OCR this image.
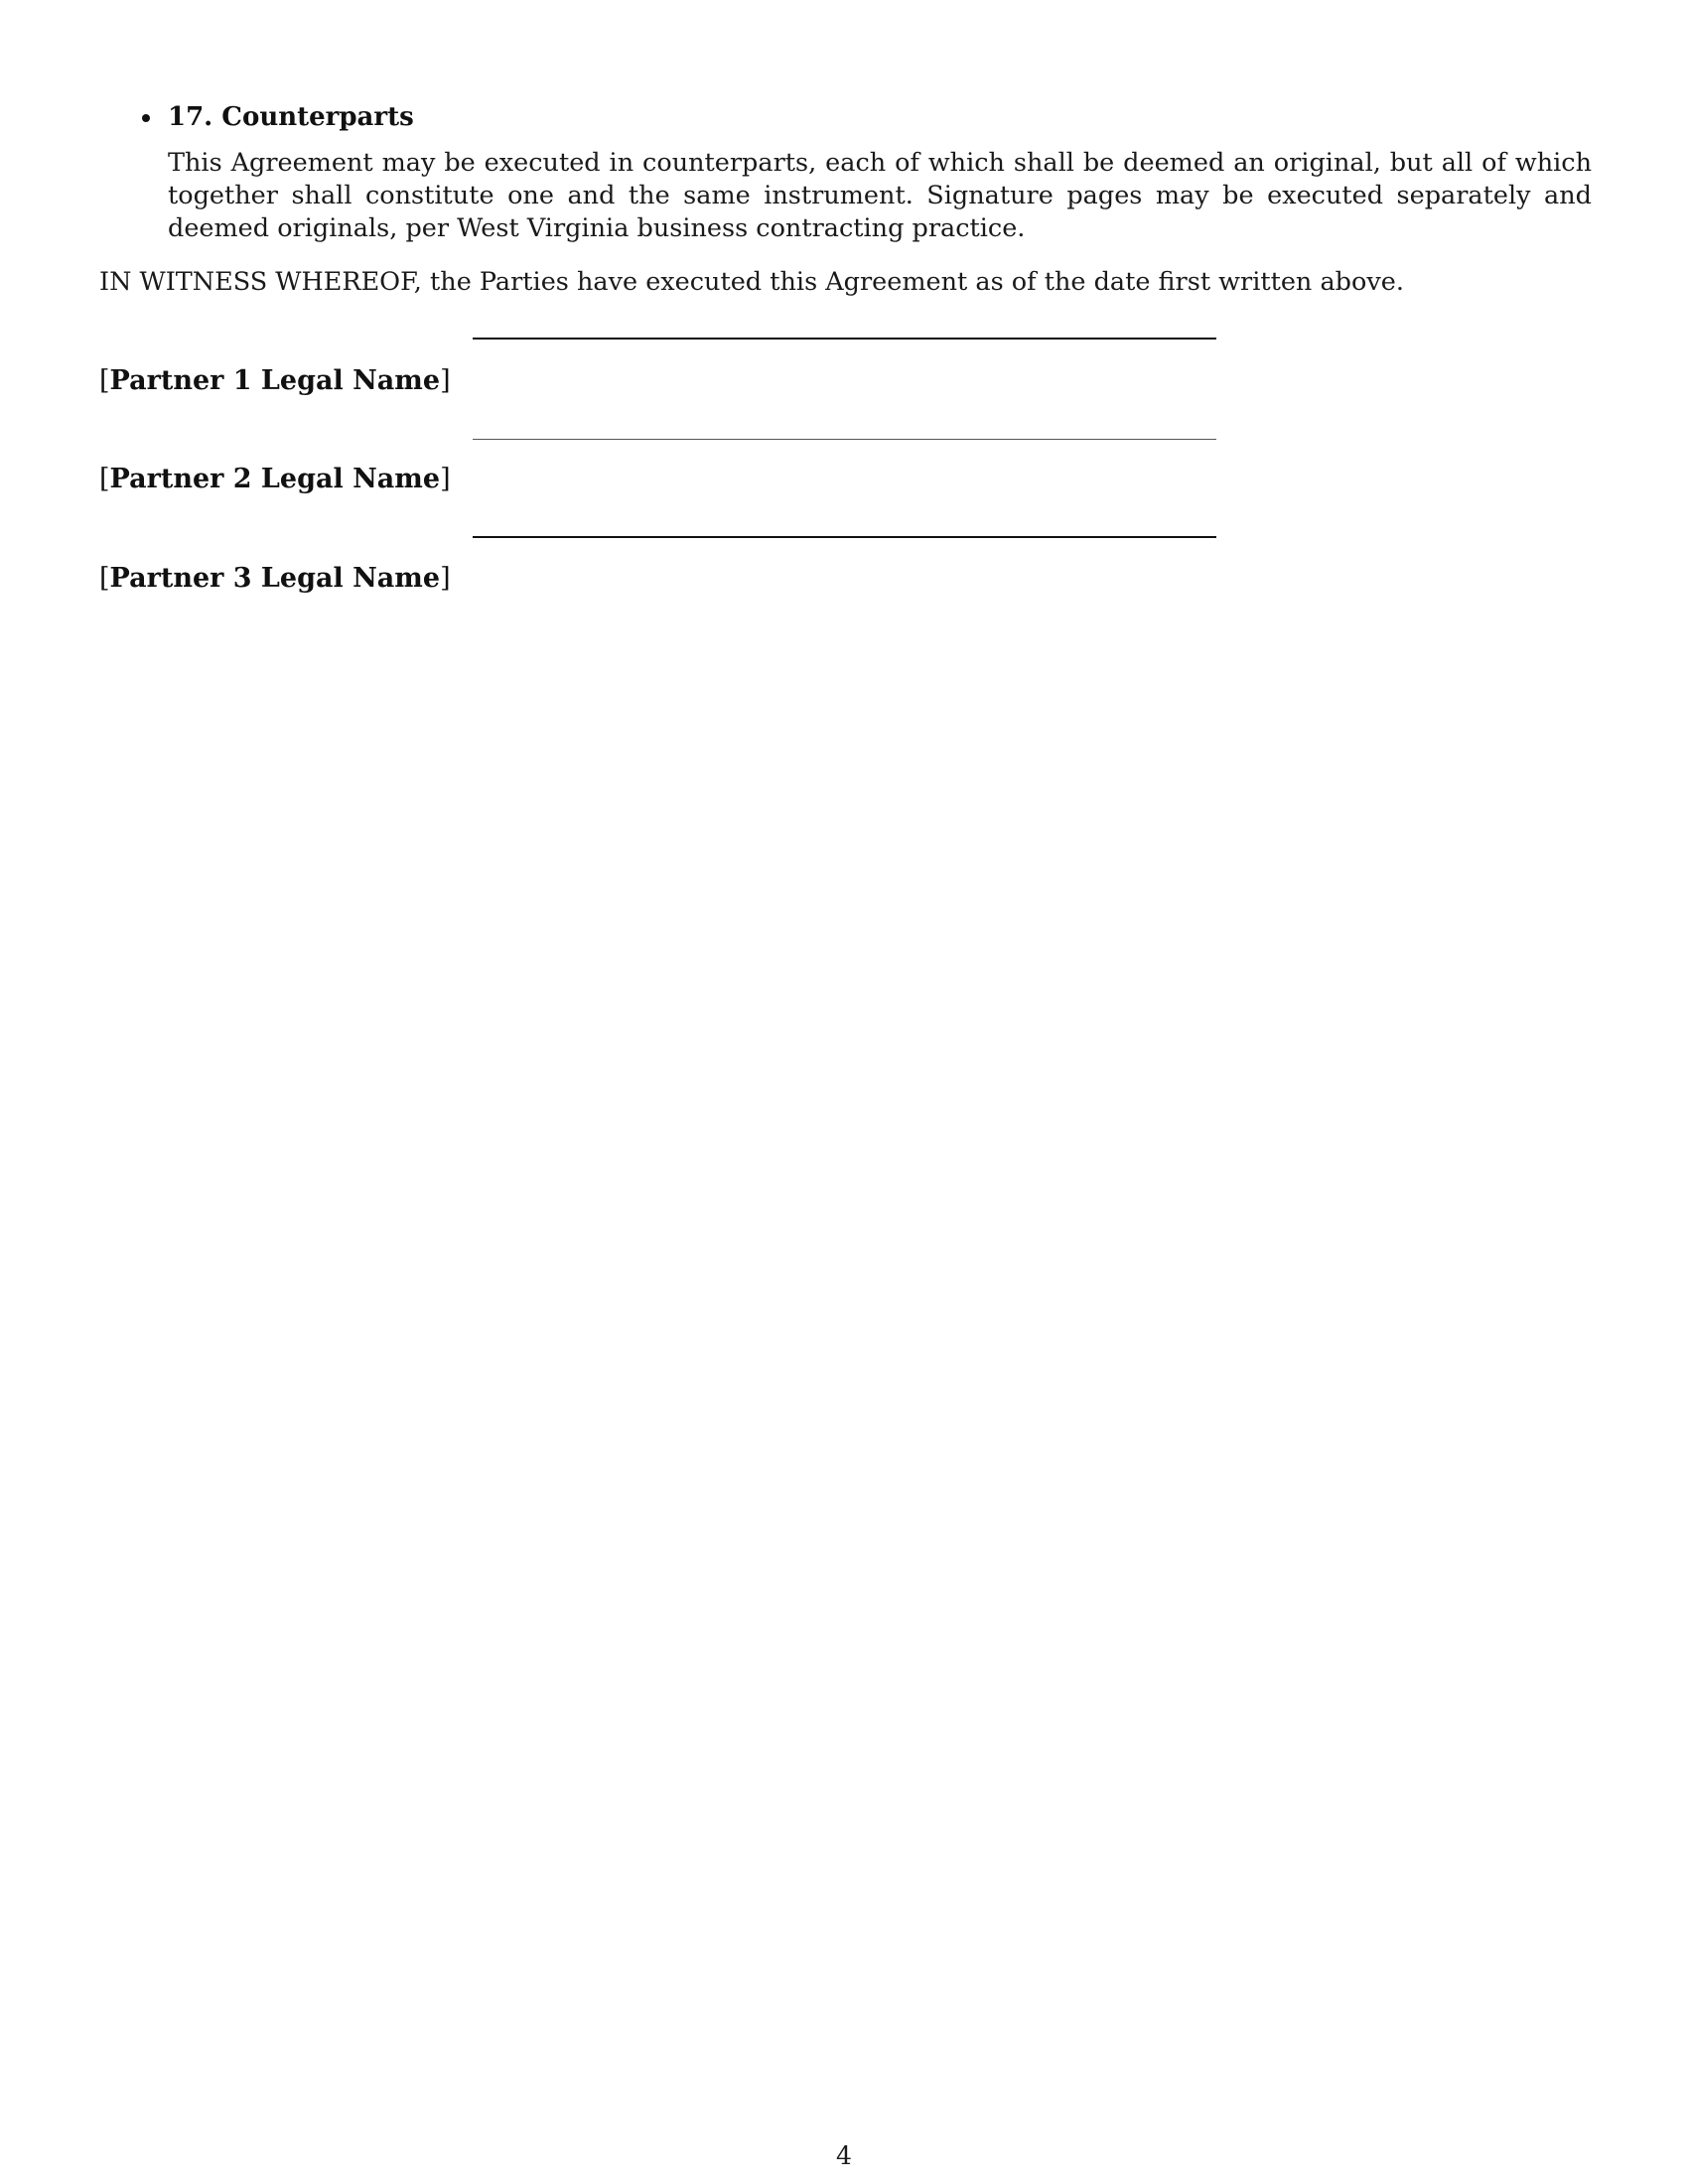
17. Counterparts

This Agreement may be executed in counterparts, each of which shall be deemed an original, but all of which together shall constitute one and the same instrument. Signature pages may be executed separately and deemed originals, per West Virginia business contracting practice.

IN WITNESS WHEREOF, the Parties have executed this Agreement as of the date first written above.

[Partner 1 Legal Name]

[Partner 2 Legal Name]

[Partner 3 Legal Name]

4
